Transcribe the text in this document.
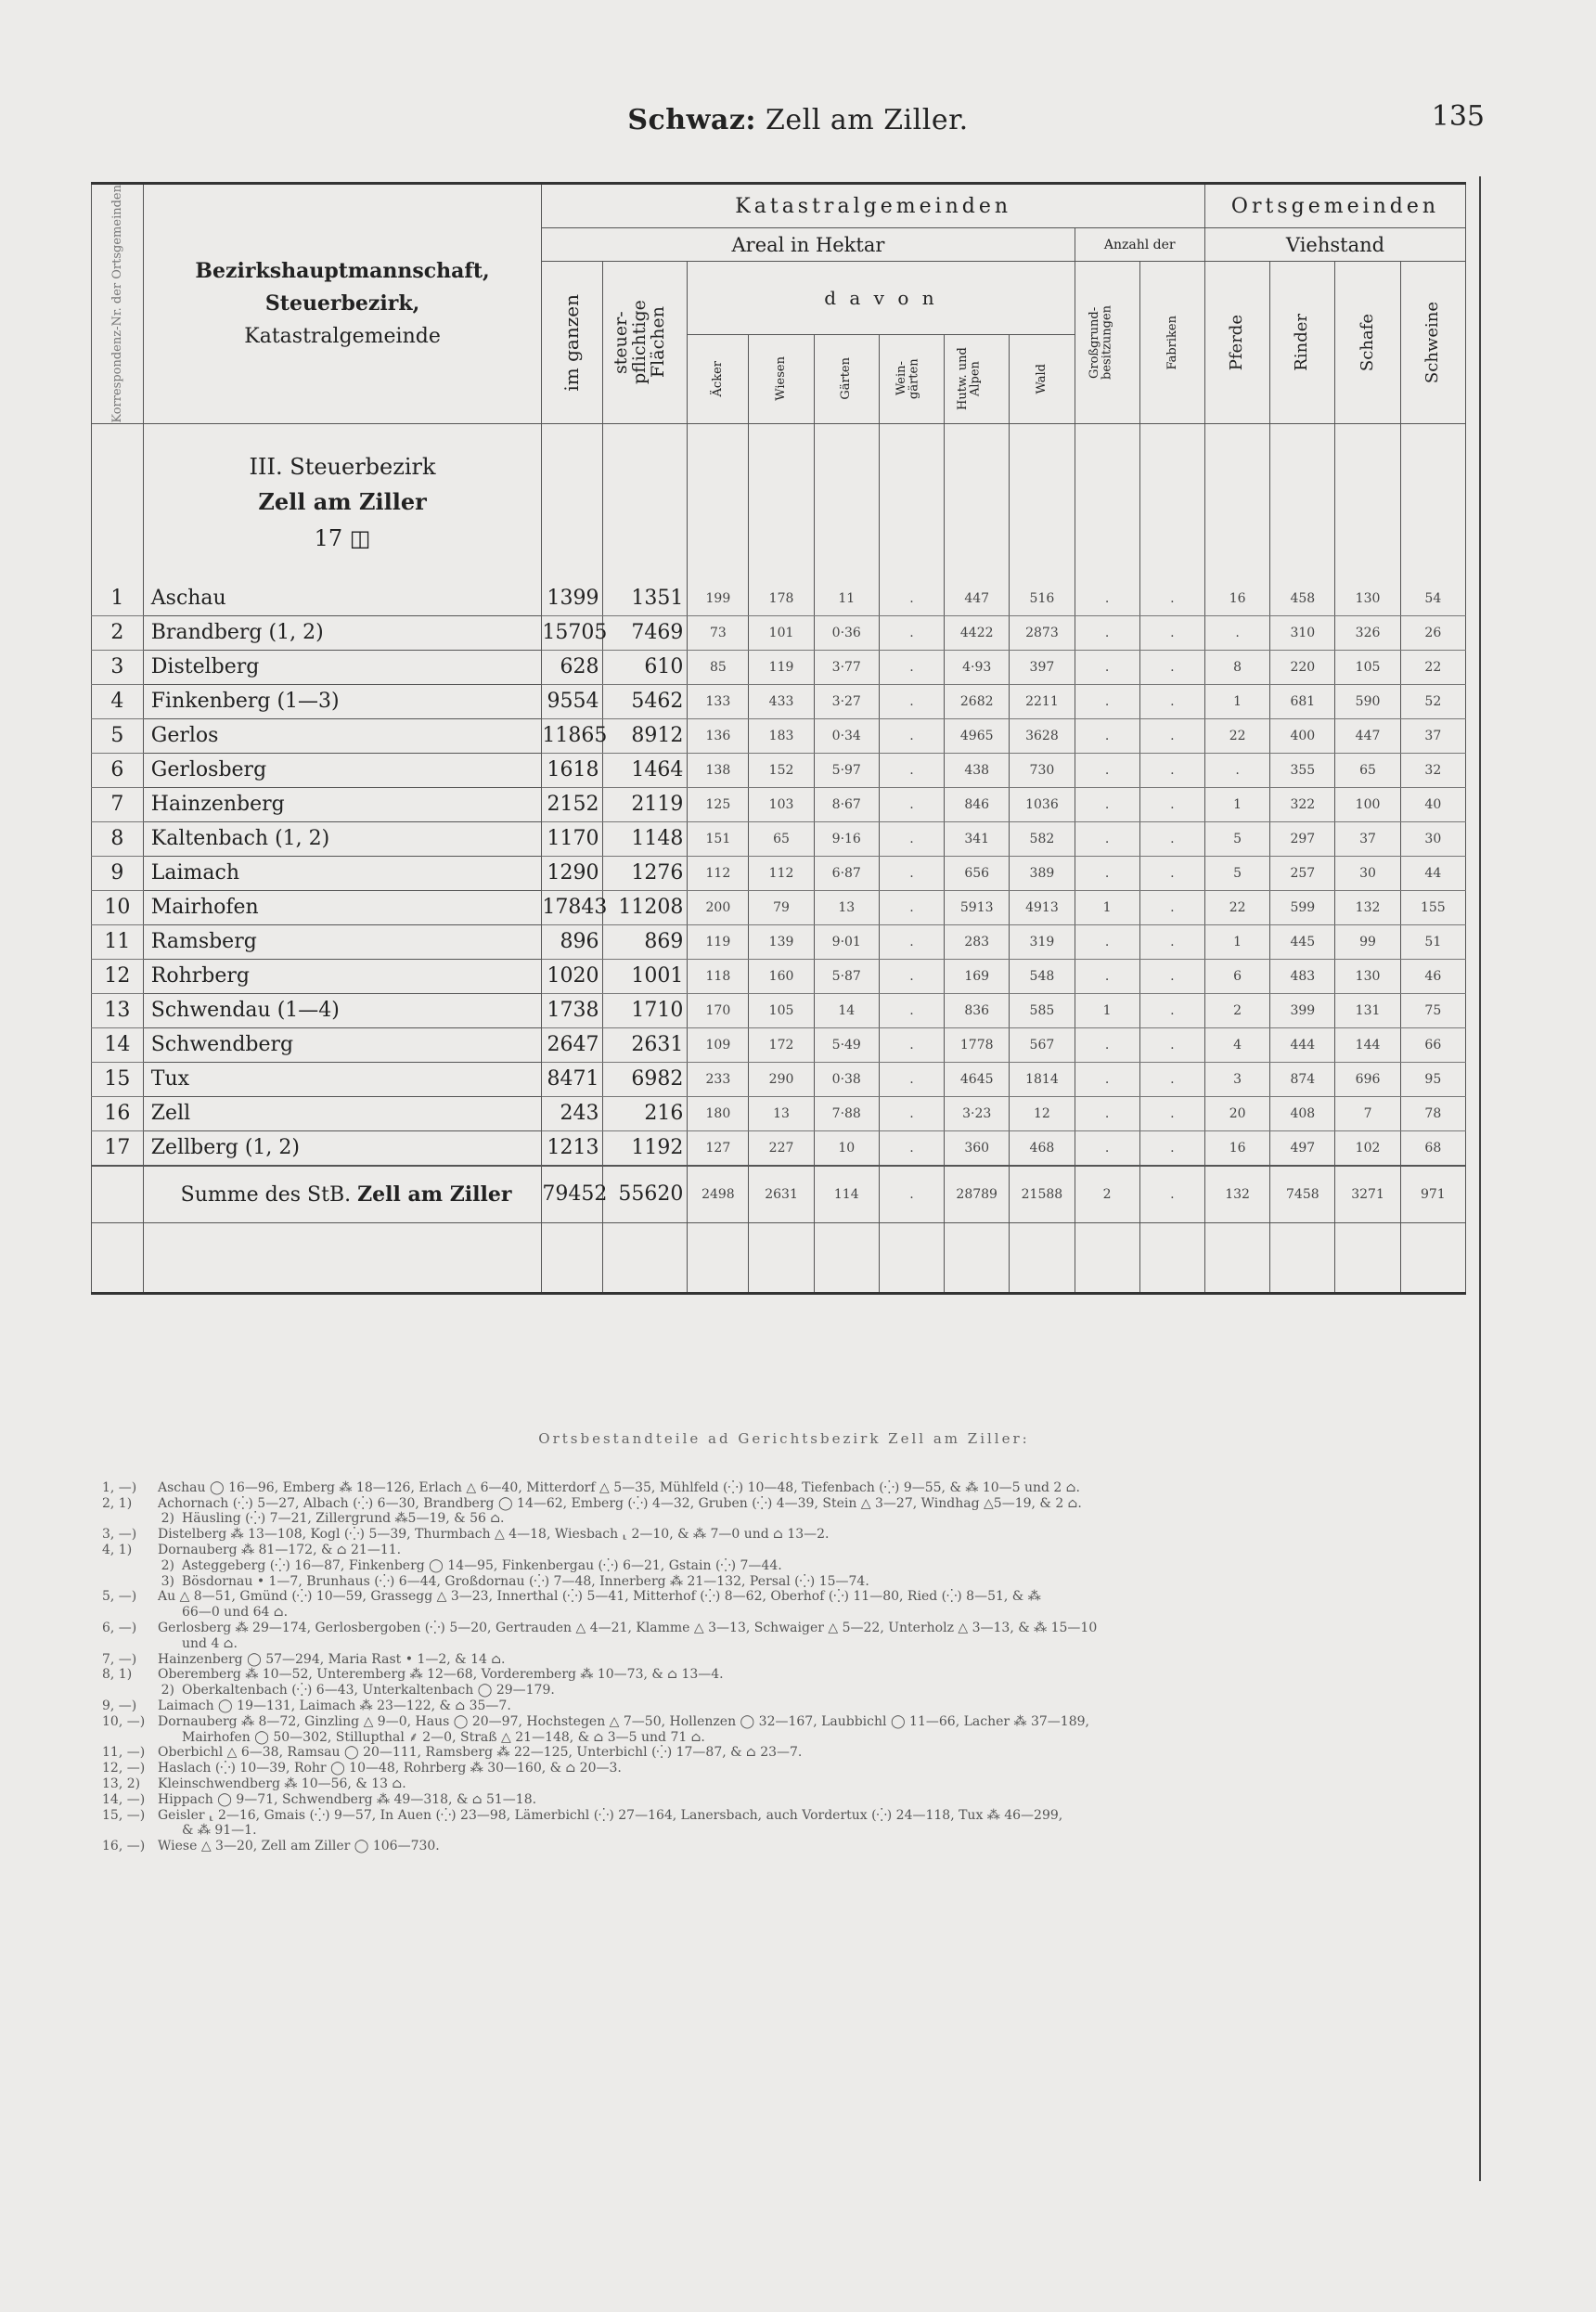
Schwaz: Zell am Ziller.	135
Korrespondenz-Nr. der Ortsgemeinden	Bezirkshauptmannschaft,
Steuerbezirk,
Katastralgemeinde	Katastralgemeinden										Ortsgemeinden			
		Areal in Hektar								Anzahl der		Viehstand			

		im ganzen	steuer-pflichtige Flächen	d a v o n						Großgrund-besitzungen	Fabriken	Pferde	Rinder	Schafe	Schweine

				Äcker	Wiesen	Gärten	Wein-gärten	Hutw. und Alpen	Wald						

	III. Steuerbezirk
Zell am Ziller
17 ◫														

1	Aschau	1399	1351	199	178	11	.	447	516	.	.	16	458	130	54
2	Brandberg (1, 2)	15705	7469	73	101	0·36	.	4422	2873	.	.	.	310	326	26
3	Distelberg	628	610	85	119	3·77	.	4·93	397	.	.	8	220	105	22
4	Finkenberg (1—3)	9554	5462	133	433	3·27	.	2682	2211	.	.	1	681	590	52
5	Gerlos	11865	8912	136	183	0·34	.	4965	3628	.	.	22	400	447	37
6	Gerlosberg	1618	1464	138	152	5·97	.	438	730	.	.	.	355	65	32
7	Hainzenberg	2152	2119	125	103	8·67	.	846	1036	.	.	1	322	100	40
8	Kaltenbach (1, 2)	1170	1148	151	65	9·16	.	341	582	.	.	5	297	37	30
9	Laimach	1290	1276	112	112	6·87	.	656	389	.	.	5	257	30	44
10	Mairhofen	17843	11208	200	79	13	.	5913	4913	1	.	22	599	132	155
11	Ramsberg	896	869	119	139	9·01	.	283	319	.	.	1	445	99	51
12	Rohrberg	1020	1001	118	160	5·87	.	169	548	.	.	6	483	130	46
13	Schwendau (1—4)	1738	1710	170	105	14	.	836	585	1	.	2	399	131	75
14	Schwendberg	2647	2631	109	172	5·49	.	1778	567	.	.	4	444	144	66
15	Tux	8471	6982	233	290	0·38	.	4645	1814	.	.	3	874	696	95
16	Zell	243	216	180	13	7·88	.	3·23	12	.	.	20	408	7	78
17	Zellberg (1, 2)	1213	1192	127	227	10	.	360	468	.	.	16	497	102	68
	Summe des StB. Zell am Ziller	79452	55620	2498	2631	114	.	28789	21588	2	.	132	7458	3271	971

Ortsbestandteile ad Gerichtsbezirk Zell am Ziller:
1, —) Aschau ◯ 16—96, Emberg ⁂ 18—126, Erlach △ 6—40, Mitterdorf △ 5—35, Mühlfeld (⁛) 10—48, Tiefenbach (⁛) 9—55, & ⁂ 10—5 und 2 ⌂.
2, 1) Achornach (⁛) 5—27, Albach (⁛) 6—30, Brandberg ◯ 14—62, Emberg (⁛) 4—32, Gruben (⁛) 4—39, Stein △ 3—27, Windhag △5—19, & 2 ⌂.
2) Häusling (⁛) 7—21, Zillergrund ⁂5—19, & 56 ⌂.
3, —) Distelberg ⁂ 13—108, Kogl (⁛) 5—39, Thurmbach △ 4—18, Wiesbach ⸤ 2—10, & ⁂ 7—0 und ⌂ 13—2.
4, 1) Dornauberg ⁂ 81—172, & ⌂ 21—11.
2) Asteggeberg (⁛) 16—87, Finkenberg ◯ 14—95, Finkenbergau (⁛) 6—21, Gstain (⁛) 7—44.
3) Bösdornau • 1—7, Brunhaus (⁛) 6—44, Großdornau (⁛) 7—48, Innerberg ⁂ 21—132, Persal (⁛) 15—74.
5, —) Au △ 8—51, Gmünd (⁛) 10—59, Grassegg △ 3—23, Innerthal (⁛) 5—41, Mitterhof (⁛) 8—62, Oberhof (⁛) 11—80, Ried (⁛) 8—51, & ⁂
66—0 und 64 ⌂.
6, —) Gerlosberg ⁂ 29—174, Gerlosbergoben (⁛) 5—20, Gertrauden △ 4—21, Klamme △ 3—13, Schwaiger △ 5—22, Unterholz △ 3—13, & ⁂ 15—10
und 4 ⌂.
7, —) Hainzenberg ◯ 57—294, Maria Rast • 1—2, & 14 ⌂.
8, 1) Oberemberg ⁂ 10—52, Unteremberg ⁂ 12—68, Vorderemberg ⁂ 10—73, & ⌂ 13—4.
2) Oberkaltenbach (⁛) 6—43, Unterkaltenbach ◯ 29—179.
9, —) Laimach ◯ 19—131, Laimach ⁂ 23—122, & ⌂ 35—7.
10, —) Dornauberg ⁂ 8—72, Ginzling △ 9—0, Haus ◯ 20—97, Hochstegen △ 7—50, Hollenzen ◯ 32—167, Laubbichl ◯ 11—66, Lacher ⁂ 37—189,
Mairhofen ◯ 50—302, Stillupthal ⸙ 2—0, Straß △ 21—148, & ⌂ 3—5 und 71 ⌂.
11, —) Oberbichl △ 6—38, Ramsau ◯ 20—111, Ramsberg ⁂ 22—125, Unterbichl (⁛) 17—87, & ⌂ 23—7.
12, —) Haslach (⁛) 10—39, Rohr ◯ 10—48, Rohrberg ⁂ 30—160, & ⌂ 20—3.
13, 2) Kleinschwendberg ⁂ 10—56, & 13 ⌂.
14, —) Hippach ◯ 9—71, Schwendberg ⁂ 49—318, & ⌂ 51—18.
15, —) Geisler ⸤ 2—16, Gmais (⁛) 9—57, In Auen (⁛) 23—98, Lämerbichl (⁛) 27—164, Lanersbach, auch Vordertux (⁛) 24—118, Tux ⁂ 46—299,
& ⁂ 91—1.
16, —) Wiese △ 3—20, Zell am Ziller ◯ 106—730.
